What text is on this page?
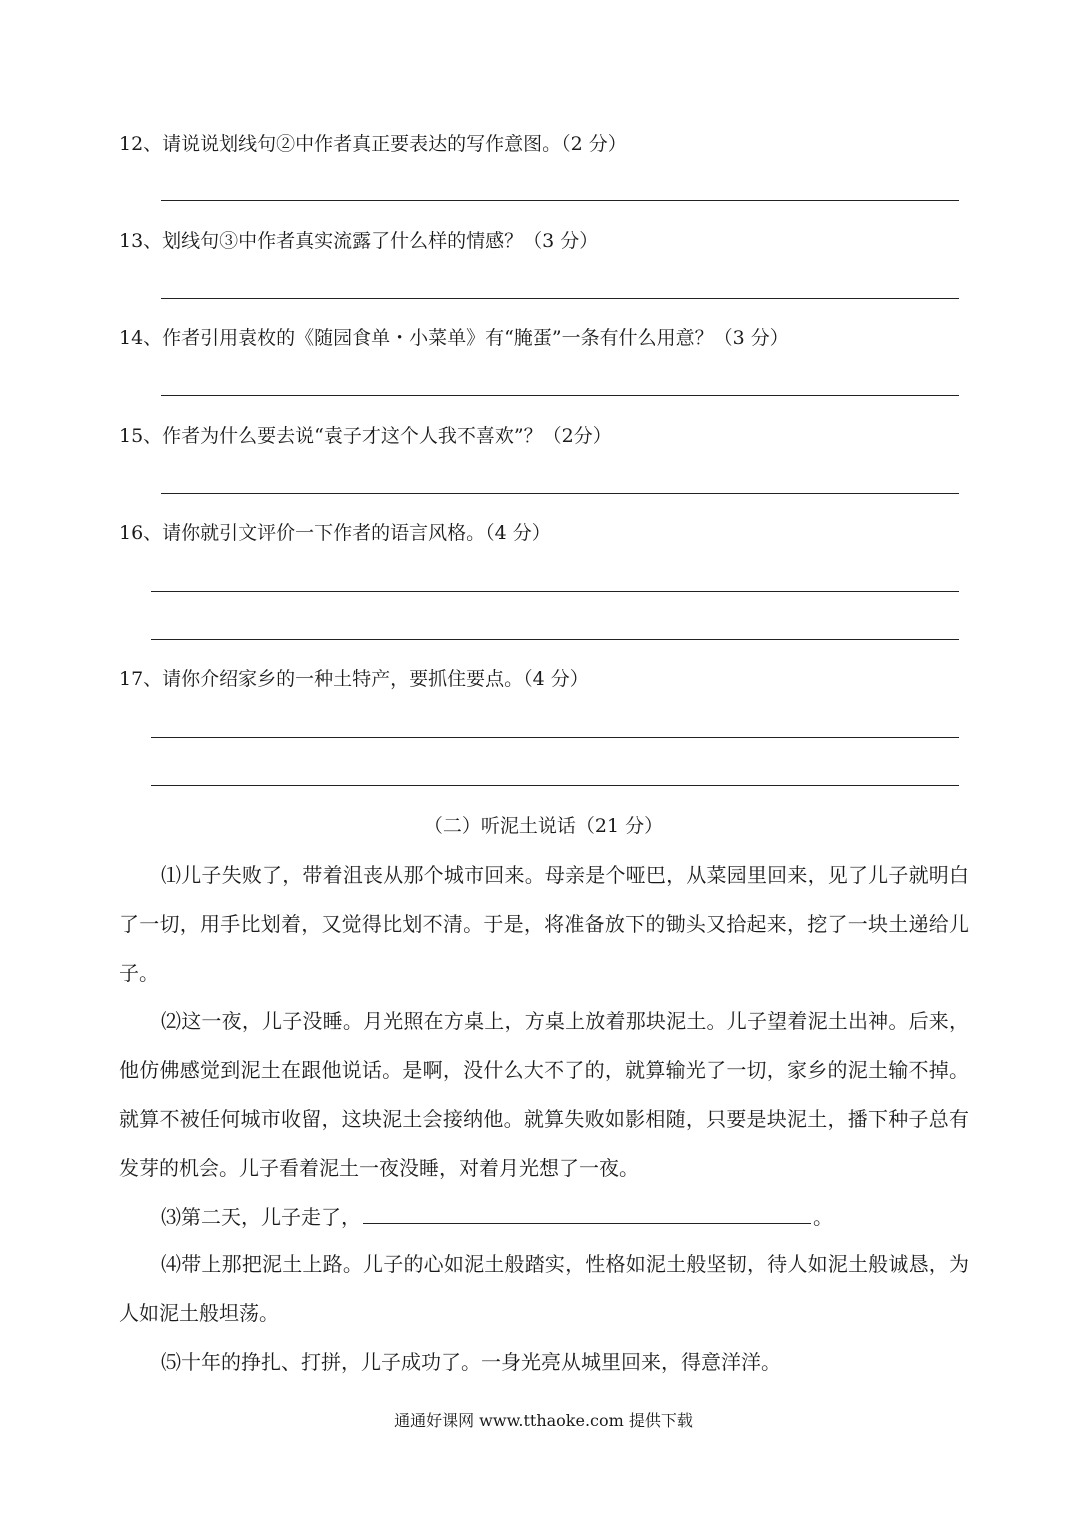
12、请说说划线句②中作者真正要表达的写作意图。（2 分）
13、划线句③中作者真实流露了什么样的情感？（3 分）
14、作者引用袁枚的《随园食单・小菜单》有“腌蛋”一条有什么用意？（3 分）
15、作者为什么要去说“袁子才这个人我不喜欢”？（2分）
16、请你就引文评价一下作者的语言风格。（4 分）
17、请你介绍家乡的一种土特产，要抓住要点。（4 分）
（二）听泥土说话（21 分）
⑴儿子失败了，带着沮丧从那个城市回来。母亲是个哑巴，从菜园里回来，见了儿子就明白了一切，用手比划着，又觉得比划不清。于是，将准备放下的锄头又拾起来，挖了一块土递给儿子。
⑵这一夜，儿子没睡。月光照在方桌上，方桌上放着那块泥土。儿子望着泥土出神。后来，他仿佛感觉到泥土在跟他说话。是啊，没什么大不了的，就算输光了一切，家乡的泥土输不掉。就算不被任何城市收留，这块泥土会接纳他。就算失败如影相随，只要是块泥土，播下种子总有发芽的机会。儿子看着泥土一夜没睡，对着月光想了一夜。
⑶第二天，儿子走了，	。
⑷带上那把泥土上路。儿子的心如泥土般踏实，性格如泥土般坚韧，待人如泥土般诚恳，为人如泥土般坦荡。
⑸十年的挣扎、打拼，儿子成功了。一身光亮从城里回来，得意洋洋。
通通好课网 www.tthaoke.com 提供下载
